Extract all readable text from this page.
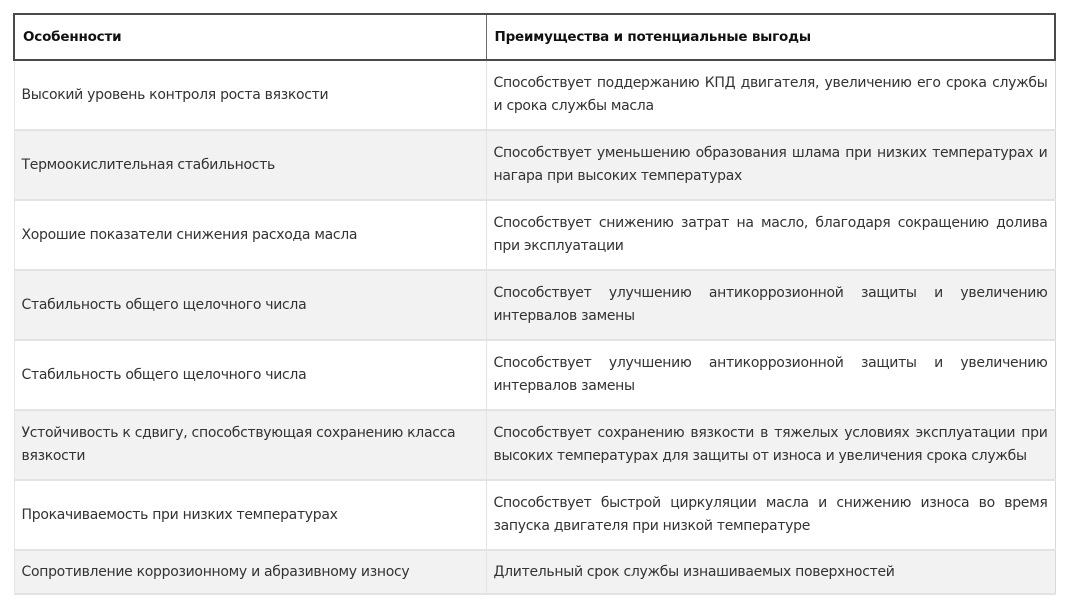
Особенности	Преимущества и потенциальные выгоды
Высокий уровень контроля роста вязкости	Способствует поддержанию КПД двигателя, увеличению его срока службы и срока службы масла
Термоокислительная стабильность	Способствует уменьшению образования шлама при низких температурах и нагара при высоких температурах
Хорошие показатели снижения расхода масла	Способствует снижению затрат на масло, благодаря сокращению долива при эксплуатации
Стабильность общего щелочного числа	Способствует улучшению антикоррозионной защиты и увеличению интервалов замены
Стабильность общего щелочного числа	Способствует улучшению антикоррозионной защиты и увеличению интервалов замены
Устойчивость к сдвигу, способствующая сохранению класса вязкости	Способствует сохранению вязкости в тяжелых условиях эксплуатации при высоких температурах для защиты от износа и увеличения срока службы
Прокачиваемость при низких температурах	Способствует быстрой циркуляции масла и снижению износа во время запуска двигателя при низкой температуре
Сопротивление коррозионному и абразивному износу	Длительный срок службы изнашиваемых поверхностей
